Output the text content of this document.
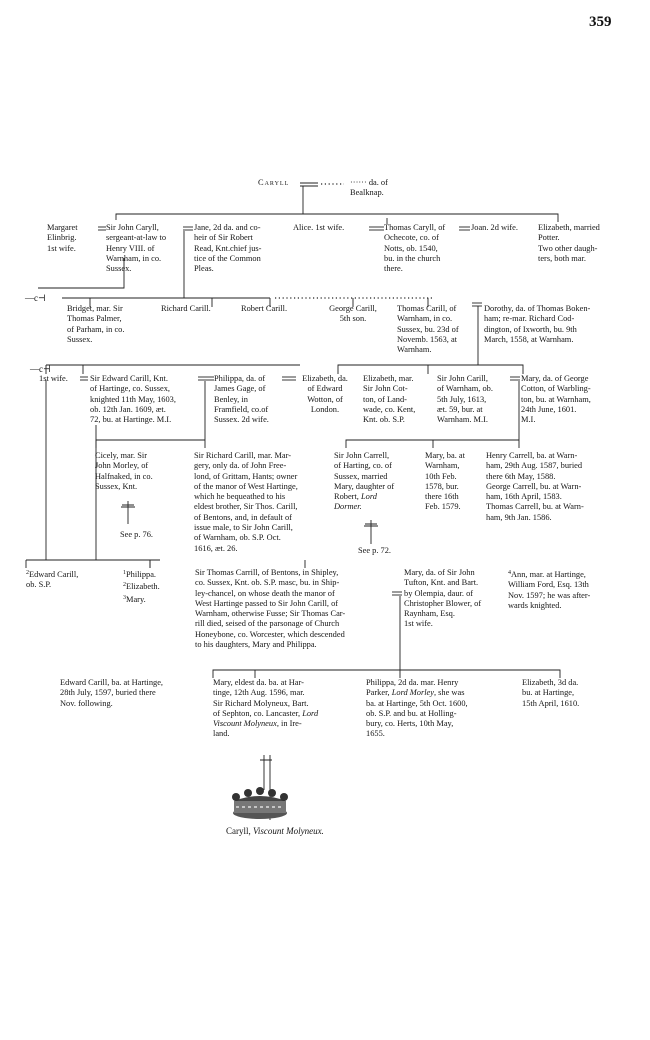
359
—c⊣
—c⊣
Caryll	······ da. of
Bealknap.
Margaret
Elinbrig.
1st wife.
Sir John Caryll,
sergeant-at-law to
Henry VIII. of
Warnham, in co.
Sussex.
Jane, 2d da. and co-
heir of Sir Robert
Read, Knt.chief jus-
tice of the Common
Pleas.
Alice. 1st wife.	Thomas Caryll, of
Ochecote, co. of
Notts, ob. 1540,
bu. in the church
there.
Joan. 2d wife.	Elizabeth, married
Potter.
Two other daugh-
ters, both mar.
Bridget, mar. Sir
Thomas Palmer,
of Parham, in co.
Sussex.
Richard Carill.	Robert Carill.	George Carill,
5th son.
Thomas Carill, of
Warnham, in co.
Sussex, bu. 23d of
Novemb. 1563, at
Warnham.
Dorothy, da. of Thomas Boken-
ham; re-mar. Richard Cod-
dington, of Ixworth, bu. 9th
March, 1558, at Warnham.
1st wife.	Sir Edward Carill, Knt.
of Hartinge, co. Sussex,
knighted 11th May, 1603,
ob. 12th Jan. 1609, æt.
72, bu. at Hartinge. M.I.
Philippa, da. of
James Gage, of
Benley, in
Framfield, co.of
Sussex. 2d wife.
Elizabeth, da.
of Edward
Wotton, of
London.
Elizabeth, mar.
Sir John Cot-
ton, of Land-
wade, co. Kent,
Knt. ob. S.P.
Sir John Carill,
of Warnham, ob.
5th July, 1613,
æt. 59, bur. at
Warnham. M.I.
Mary, da. of George
Cotton, of Warbling-
ton, bu. at Warnham,
24th June, 1601.
M.I.
Cicely, mar. Sir
John Morley, of
Halfnaked, in co.
Sussex, Knt.
See p. 76.
Sir Richard Carill, mar. Mar-
gery, only da. of John Free-
lond, of Grittam, Hants; owner
of the manor of West Hartinge,
which he bequeathed to his
eldest brother, Sir Thos. Carill,
of Bentons, and, in default of
issue male, to Sir John Carill,
of Warnham, ob. S.P. Oct.
1616, æt. 26.
Sir John Carrell,
of Harting, co. of
Sussex, married
Mary, daughter of
Robert, Lord
Dormer.
See p. 72.
Mary, ba. at
Warnham,
10th Feb.
1578, bur.
there 16th
Feb. 1579.
Henry Carrell, ba. at Warn-
ham, 29th Aug. 1587, buried
there 6th May, 1588.
George Carrell, bu. at Warn-
ham, 16th April, 1583.
Thomas Carrell, bu. at Warn-
ham, 9th Jan. 1586.
$^2$Edward Carill,
ob. S.P.
$^1$Philippa.
$^2$Elizabeth.
$^3$Mary.
Sir Thomas Carrill, of Bentons, in Shipley,
co. Sussex, Knt. ob. S.P. masc, bu. in Ship-
ley-chancel, on whose death the manor of
West Hartinge passed to Sir John Carill, of
Warnham, otherwise Fusse; Sir Thomas Car-
rill died, seised of the parsonage of Church
Honeybone, co. Worcester, which descended
to his daughters, Mary and Philippa.
Mary, da. of Sir John
Tufton, Knt. and Bart.
by Olempia, daur. of
Christopher Blower, of
Raynham, Esq.
1st wife.
$^4$Ann, mar. at Hartinge,
William Ford, Esq. 13th
Nov. 1597; he was after-
wards knighted.
Edward Carill, ba. at Hartinge,
28th July, 1597, buried there
Nov. following.
Mary, eldest da. ba. at Har-
tinge, 12th Aug. 1596, mar.
Sir Richard Molyneux, Bart.
of Sephton, co. Lancaster, Lord
Viscount Molyneux, in Ire-
land.
Philippa, 2d da. mar. Henry
Parker, Lord Morley, she was
ba. at Hartinge, 5th Oct. 1600,
ob. S.P. and bu. at Holling-
bury, co. Herts, 10th May,
1655.
Elizabeth, 3d da.
bu. at Hartinge,
15th April, 1610.
Caryll, Viscount Molyneux.
